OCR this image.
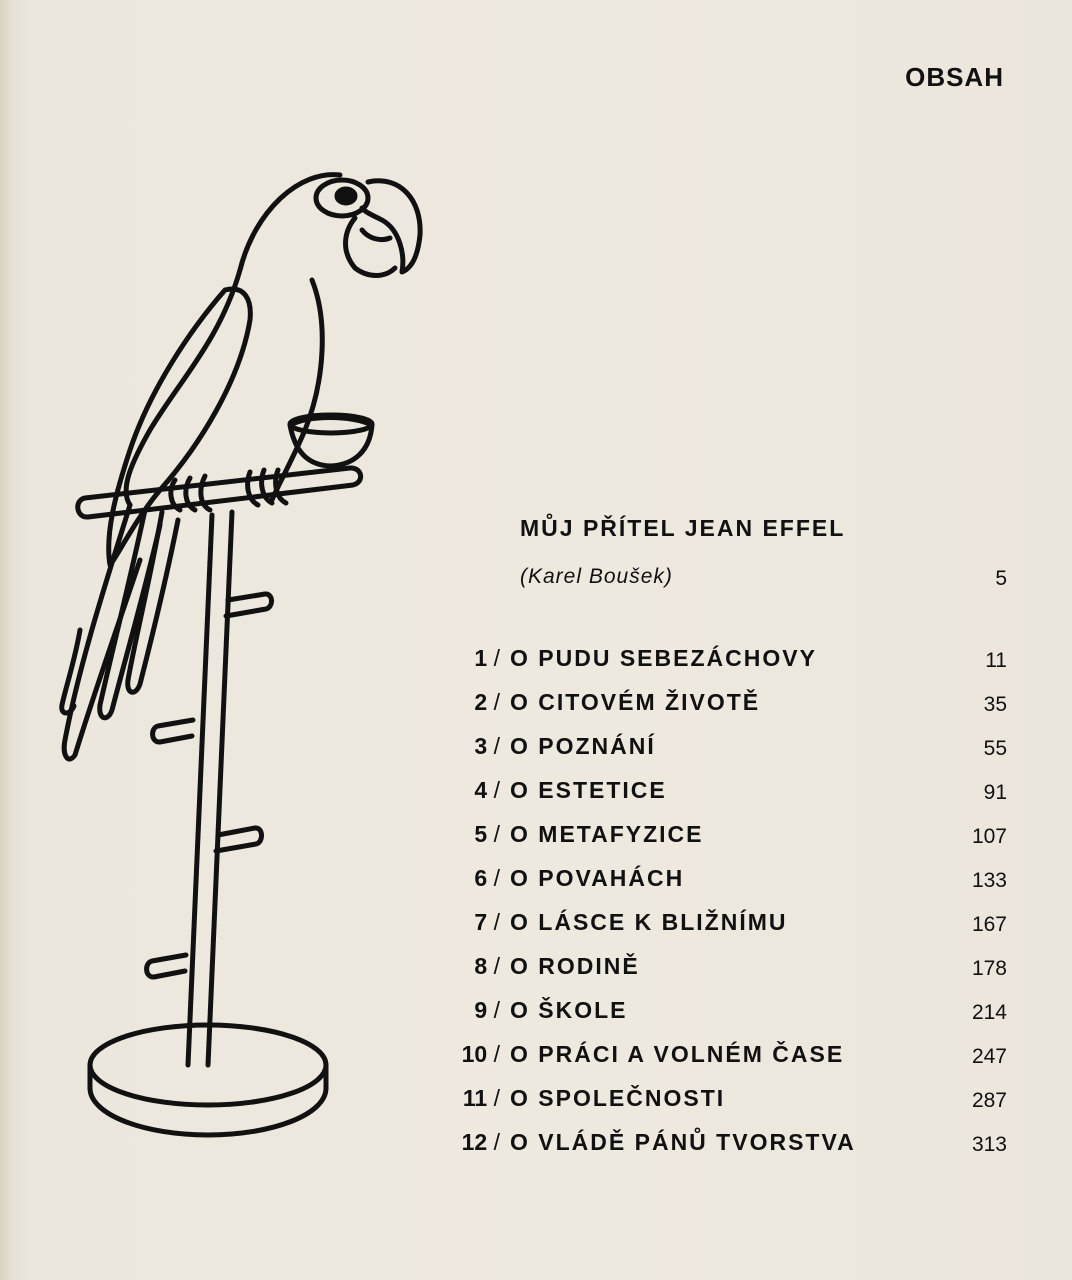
OBSAH
MŮJ PŘÍTEL JEAN EFFEL
(Karel Boušek)	5
1 / O PUDU SEBEZÁCHOVY	11
2 / O CITOVÉM ŽIVOTĚ	35
3 / O POZNÁNÍ	55
4 / O ESTETICE	91
5 / O METAFYZICE	107
6 / O POVAHÁCH	133
7 / O LÁSCE K BLIŽNÍMU	167
8 / O RODINĚ	178
9 / O ŠKOLE	214
10 / O PRÁCI A VOLNÉM ČASE	247
11 / O SPOLEČNOSTI	287
12 / O VLÁDĚ PÁNŮ TVORSTVA	313
